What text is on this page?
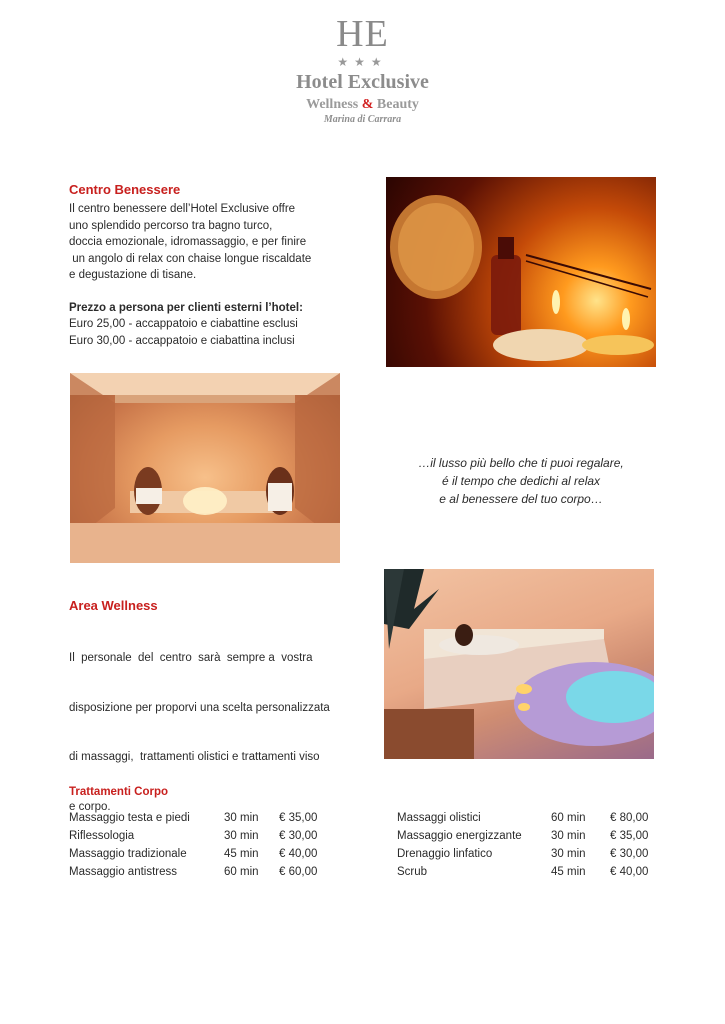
HE
★★★
Hotel Exclusive
Wellness & Beauty
Marina di Carrara
Centro Benessere

Il centro benessere dell’Hotel Exclusive offre

uno splendido percorso tra bagno turco,

doccia emozionale, idromassaggio, e per finire

un angolo di relax con chaise longue riscaldate

e degustazione di tisane.

Prezzo a persona per clienti esterni l’hotel:

Euro 25,00 - accappatoio e ciabattine esclusi

Euro 30,00 - accappatoio e ciabattina inclusi

…il lusso più bello che ti puoi regalare,
é il tempo che dedichi al relax
e al benessere del tuo corpo…
Area Wellness

Il  personale  del  centro  sarà  sempre a  vostra

disposizione per proporvi una scelta personalizzata

di massaggi,  trattamenti olistici e trattamenti viso

e corpo.

Trattamenti Corpo
Massaggio testa e piedi	30 min € 35,00
Riflessologia	30 min € 30,00
Massaggio tradizionale	45 min € 40,00
Massaggio antistress	60 min € 60,00
Massaggi olistici	60 min € 80,00
Massaggio energizzante	30 min € 35,00
Drenaggio linfatico	30 min € 30,00
Scrub	45 min € 40,00
